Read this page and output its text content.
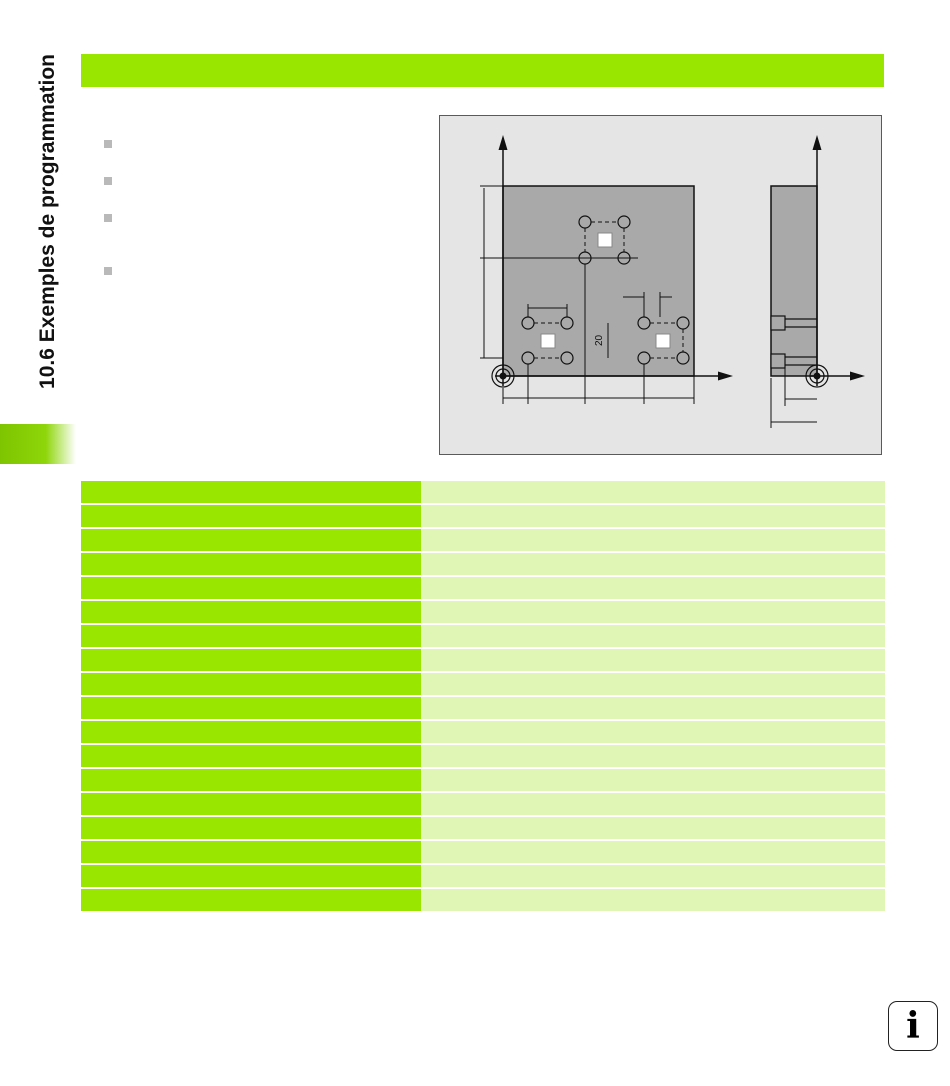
10.6 Exemples de programmation	20
i
